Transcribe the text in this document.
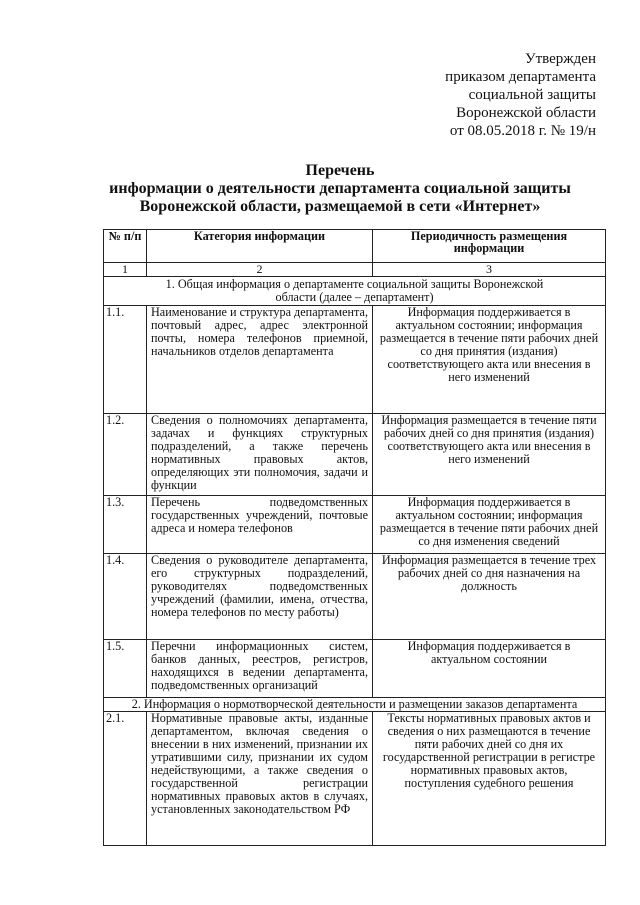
Утвержден
приказом департамента
социальной защиты
Воронежской области
от 08.05.2018 г. № 19/н
Перечень
информации о деятельности департамента социальной защиты
Воронежской области, размещаемой в сети «Интернет»
№ п/п	Категория информации	Периодичность размещения информации
1	2	3
1. Общая информация о департаменте социальной защиты Воронежской области (далее – департамент)		
1.1.	Наименование и структура департамента, почтовый адрес, адрес электронной почты, номера телефонов приемной, начальников отделов департамента	Информация поддерживается в актуальном состоянии; информация размещается в течение пяти рабочих дней со дня принятия (издания) соответствующего акта или внесения в него изменений
1.2.	Сведения о полномочиях департамента, задачах и функциях структурных подразделений, а также перечень нормативных правовых актов, определяющих эти полномочия, задачи и функции	Информация размещается в течение пяти рабочих дней со дня принятия (издания) соответствующего акта или внесения в него изменений
1.3.	Перечень подведомственных государственных учреждений, почтовые адреса и номера телефонов	Информация поддерживается в актуальном состоянии; информация размещается в течение пяти рабочих дней со дня изменения сведений
1.4.	Сведения о руководителе департамента, его структурных подразделений, руководителях подведомственных учреждений (фамилии, имена, отчества, номера телефонов по месту работы)	Информация размещается в течение трех рабочих дней со дня назначения на должность
1.5.	Перечни информационных систем, банков данных, реестров, регистров, находящихся в ведении департамента, подведомственных организаций	Информация поддерживается в актуальном состоянии
2. Информация о нормотворческой деятельности и размещении заказов департамента		
2.1.	Нормативные правовые акты, изданные департаментом, включая сведения о внесении в них изменений, признании их утратившими силу, признании их судом недействующими, а также сведения о государственной регистрации нормативных правовых актов в случаях, установленных законодательством РФ	Тексты нормативных правовых актов и сведения о них размещаются в течение пяти рабочих дней со дня их государственной регистрации в регистре нормативных правовых актов, поступления судебного решения
